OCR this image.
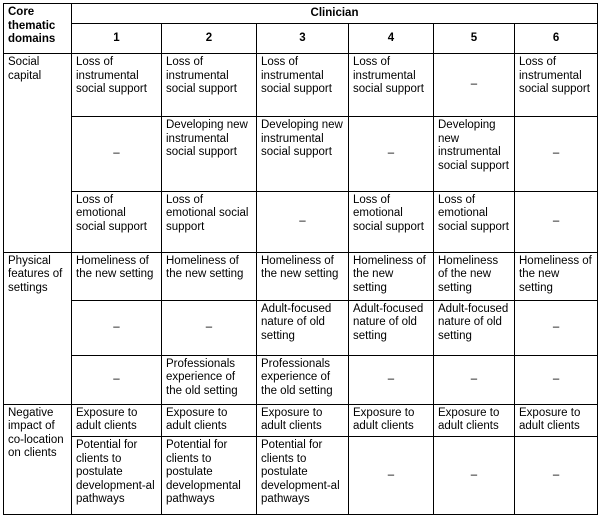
Core thematic domains	Clinician					
	1	2	3	4	5	6
Social capital	Loss of instrumental social support	Loss of instrumental social support	Loss of instrumental social support	Loss of instrumental social support	–	Loss of instrumental social support
	–	Developing new instrumental social support	Developing new instrumental social support	–	Developing new instrumental social support	–
	Loss of emotional social support	Loss of emotional social support	–	Loss of emotional social support	Loss of emotional social support	–
Physical features of settings	Homeliness of the new setting	Homeliness of the new setting	Homeliness of the new setting	Homeliness of the new setting	Homeliness of the new setting	Homeliness of the new setting
	–	–	Adult-focused nature of old setting	Adult-focused nature of old setting	Adult-focused nature of old setting	–
	–	Professionals experience of the old setting	Professionals experience of the old setting	–	–	–
Negative impact of co-location on clients	Exposure to adult clients	Exposure to adult clients	Exposure to adult clients	Exposure to adult clients	Exposure to adult clients	Exposure to adult clients
	Potential for clients to postulate development-al pathways	Potential for clients to postulate developmental pathways	Potential for clients to postulate development-al pathways	–	–	–
